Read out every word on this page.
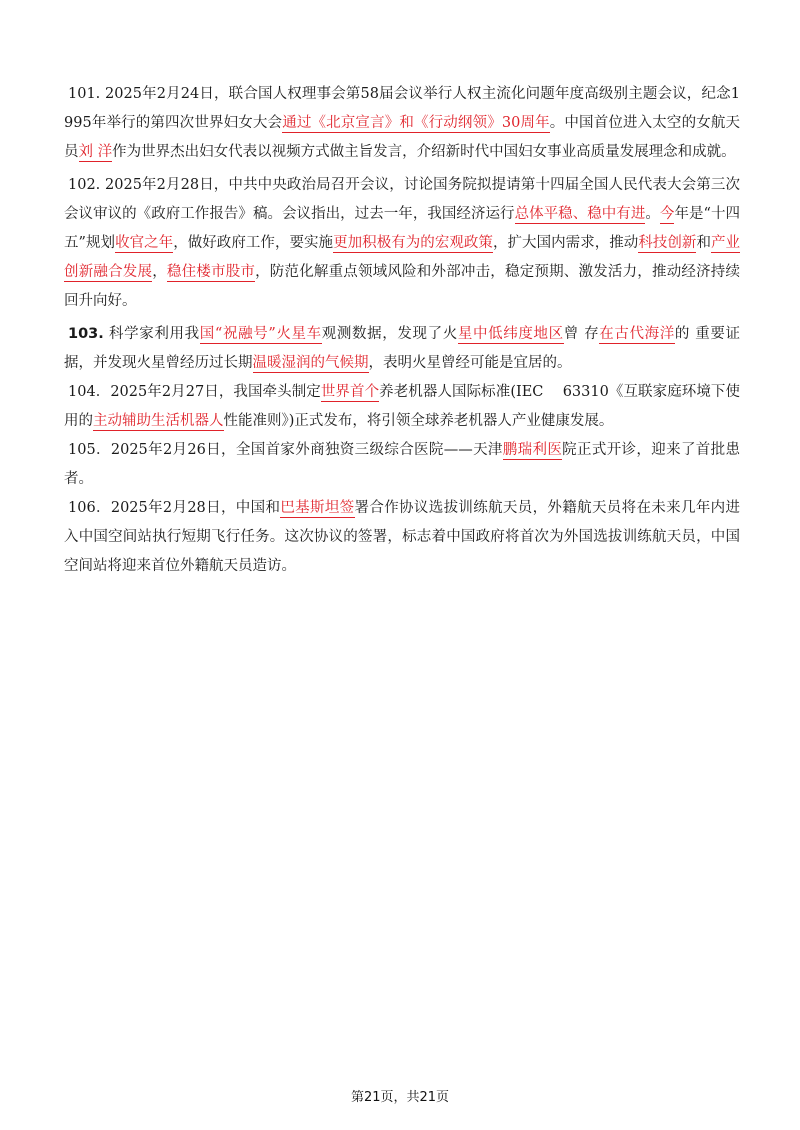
101. 2025年2月24日，联合国人权理事会第58届会议举行人权主流化问题年度高级别主题会议，纪念1995年举行的第四次世界妇女大会通过《北京宣言》和《行动纲领》30周年。中国首位进入太空的女航天员刘 洋作为世界杰出妇女代表以视频方式做主旨发言，介绍新时代中国妇女事业高质量发展理念和成就。

102. 2025年2月28日，中共中央政治局召开会议，讨论国务院拟提请第十四届全国人民代表大会第三次会议审议的《政府工作报告》稿。会议指出，过去一年，我国经济运行总体平稳、稳中有进。今年是“十四五”规划收官之年，做好政府工作，要实施更加积极有为的宏观政策，扩大国内需求，推动科技创新和产业创新融合发展，稳住楼市股市，防范化解重点领域风险和外部冲击，稳定预期、激发活力，推动经济持续回升向好。

103. 科学家利用我国“祝融号”火星车观测数据，发现了火星中低纬度地区曾 存在古代海洋的 重要证据，并发现火星曾经历过长期温暖湿润的气候期，表明火星曾经可能是宜居的。

104．2025年2月27日，我国牵头制定世界首个养老机器人国际标准(IEC　 63310《互联家庭环境下使用的主动辅助生活机器人性能准则》)正式发布，将引领全球养老机器人产业健康发展。

105．2025年2月26日，全国首家外商独资三级综合医院——天津鹏瑞利医院正式开诊，迎来了首批患者。

106．2025年2月28日，中国和巴基斯坦签署合作协议选拔训练航天员，外籍航天员将在未来几年内进入中国空间站执行短期飞行任务。这次协议的签署，标志着中国政府将首次为外国选拔训练航天员，中国空间站将迎来首位外籍航天员造访。

第21页，共21页
